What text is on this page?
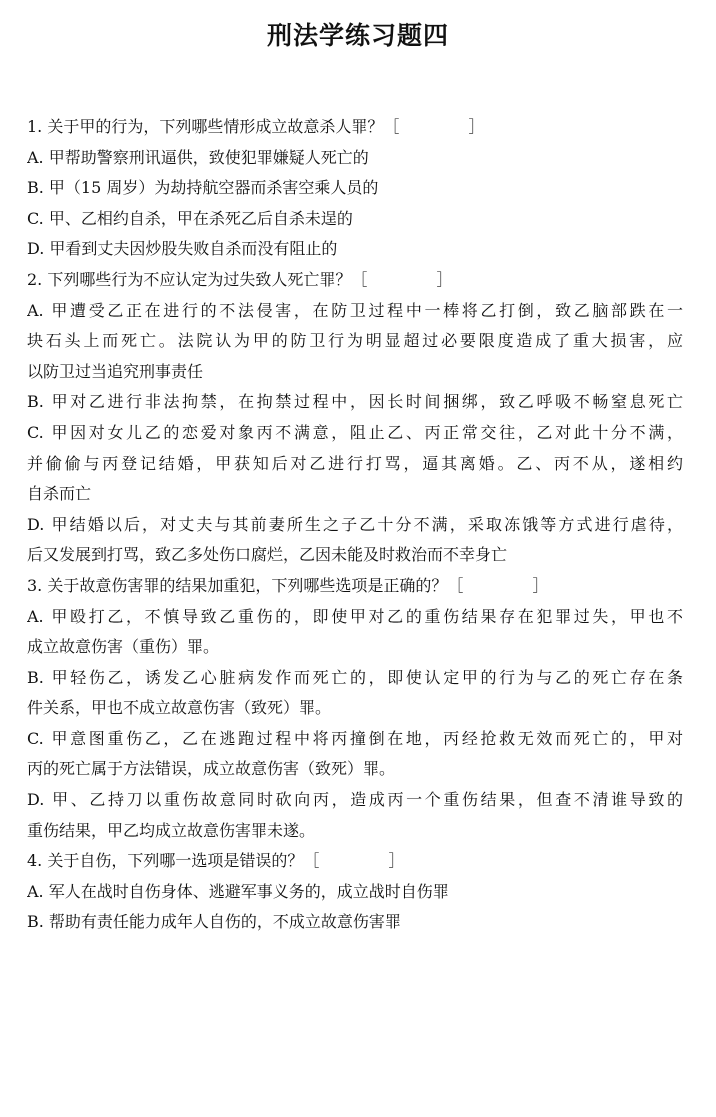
刑法学练习题四
1. 关于甲的行为，下列哪些情形成立故意杀人罪？［　　　　 ］
A. 甲帮助警察刑讯逼供，致使犯罪嫌疑人死亡的
B. 甲（15 周岁）为劫持航空器而杀害空乘人员的
C. 甲、乙相约自杀，甲在杀死乙后自杀未逞的
D. 甲看到丈夫因炒股失败自杀而没有阻止的
2. 下列哪些行为不应认定为过失致人死亡罪？［　　　　 ］
A. 甲遭受乙正在进行的不法侵害，在防卫过程中一棒将乙打倒，致乙脑部跌在一
块石头上而死亡。法院认为甲的防卫行为明显超过必要限度造成了重大损害，应
以防卫过当追究刑事责任
B. 甲对乙进行非法拘禁，在拘禁过程中，因长时间捆绑，致乙呼吸不畅窒息死亡
C. 甲因对女儿乙的恋爱对象丙不满意，阻止乙、丙正常交往，乙对此十分不满，
并偷偷与丙登记结婚，甲获知后对乙进行打骂，逼其离婚。乙、丙不从，遂相约
自杀而亡
D. 甲结婚以后，对丈夫与其前妻所生之子乙十分不满，采取冻饿等方式进行虐待，
后又发展到打骂，致乙多处伤口腐烂，乙因未能及时救治而不幸身亡
3. 关于故意伤害罪的结果加重犯，下列哪些选项是正确的？［　　　　 ］
A. 甲殴打乙，不慎导致乙重伤的，即使甲对乙的重伤结果存在犯罪过失，甲也不
成立故意伤害（重伤）罪。
B. 甲轻伤乙，诱发乙心脏病发作而死亡的，即使认定甲的行为与乙的死亡存在条
件关系，甲也不成立故意伤害（致死）罪。
C. 甲意图重伤乙，乙在逃跑过程中将丙撞倒在地，丙经抢救无效而死亡的，甲对
丙的死亡属于方法错误，成立故意伤害（致死）罪。
D. 甲、乙持刀以重伤故意同时砍向丙，造成丙一个重伤结果，但查不清谁导致的
重伤结果，甲乙均成立故意伤害罪未遂。
4. 关于自伤，下列哪一选项是错误的？［　　　　 ］
A. 军人在战时自伤身体、逃避军事义务的，成立战时自伤罪
B. 帮助有责任能力成年人自伤的，不成立故意伤害罪
